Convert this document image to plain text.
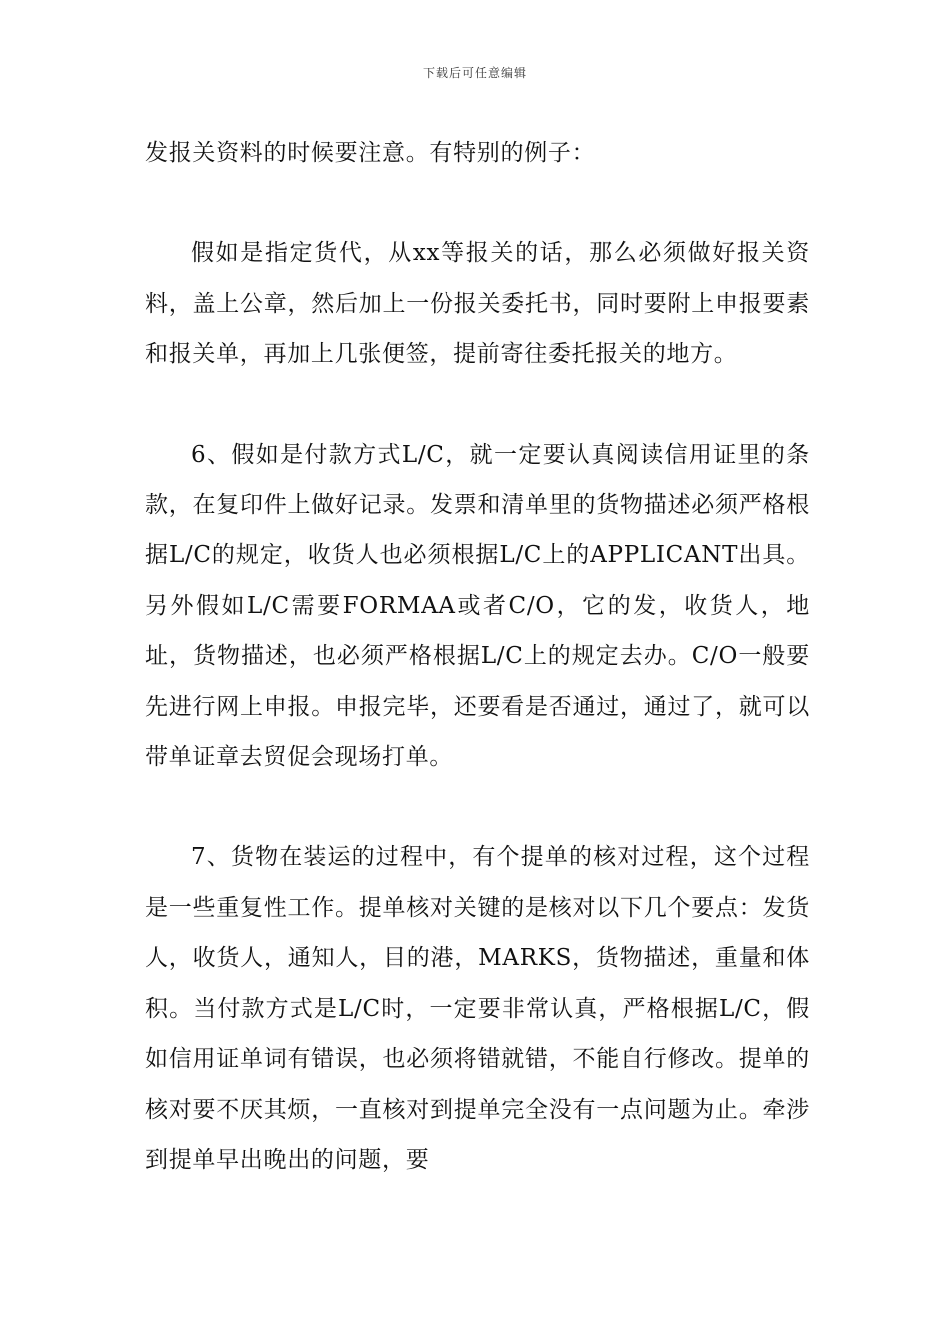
下载后可任意编辑

发报关资料的时候要注意。有特别的例子：

假如是指定货代，从xx等报关的话，那么必须做好报关资料，盖上公章，然后加上一份报关委托书，同时要附上申报要素和报关单，再加上几张便签，提前寄往委托报关的地方。

6、假如是付款方式L/C，就一定要认真阅读信用证里的条款，在复印件上做好记录。发票和清单里的货物描述必须严格根据L/C的规定，收货人也必须根据L/C上的APPLICANT出具。另外假如L/C需要FORMAA或者C/O，它的发，收货人，地址，货物描述，也必须严格根据L/C上的规定去办。C/O一般要先进行网上申报。申报完毕，还要看是否通过，通过了，就可以带单证章去贸促会现场打单。

7、货物在装运的过程中，有个提单的核对过程，这个过程是一些重复性工作。提单核对关键的是核对以下几个要点：发货人，收货人，通知人，目的港，MARKS，货物描述，重量和体积。当付款方式是L/C时，一定要非常认真，严格根据L/C，假如信用证单词有错误，也必须将错就错，不能自行修改。提单的核对要不厌其烦，一直核对到提单完全没有一点问题为止。牵涉到提单早出晚出的问题，要
